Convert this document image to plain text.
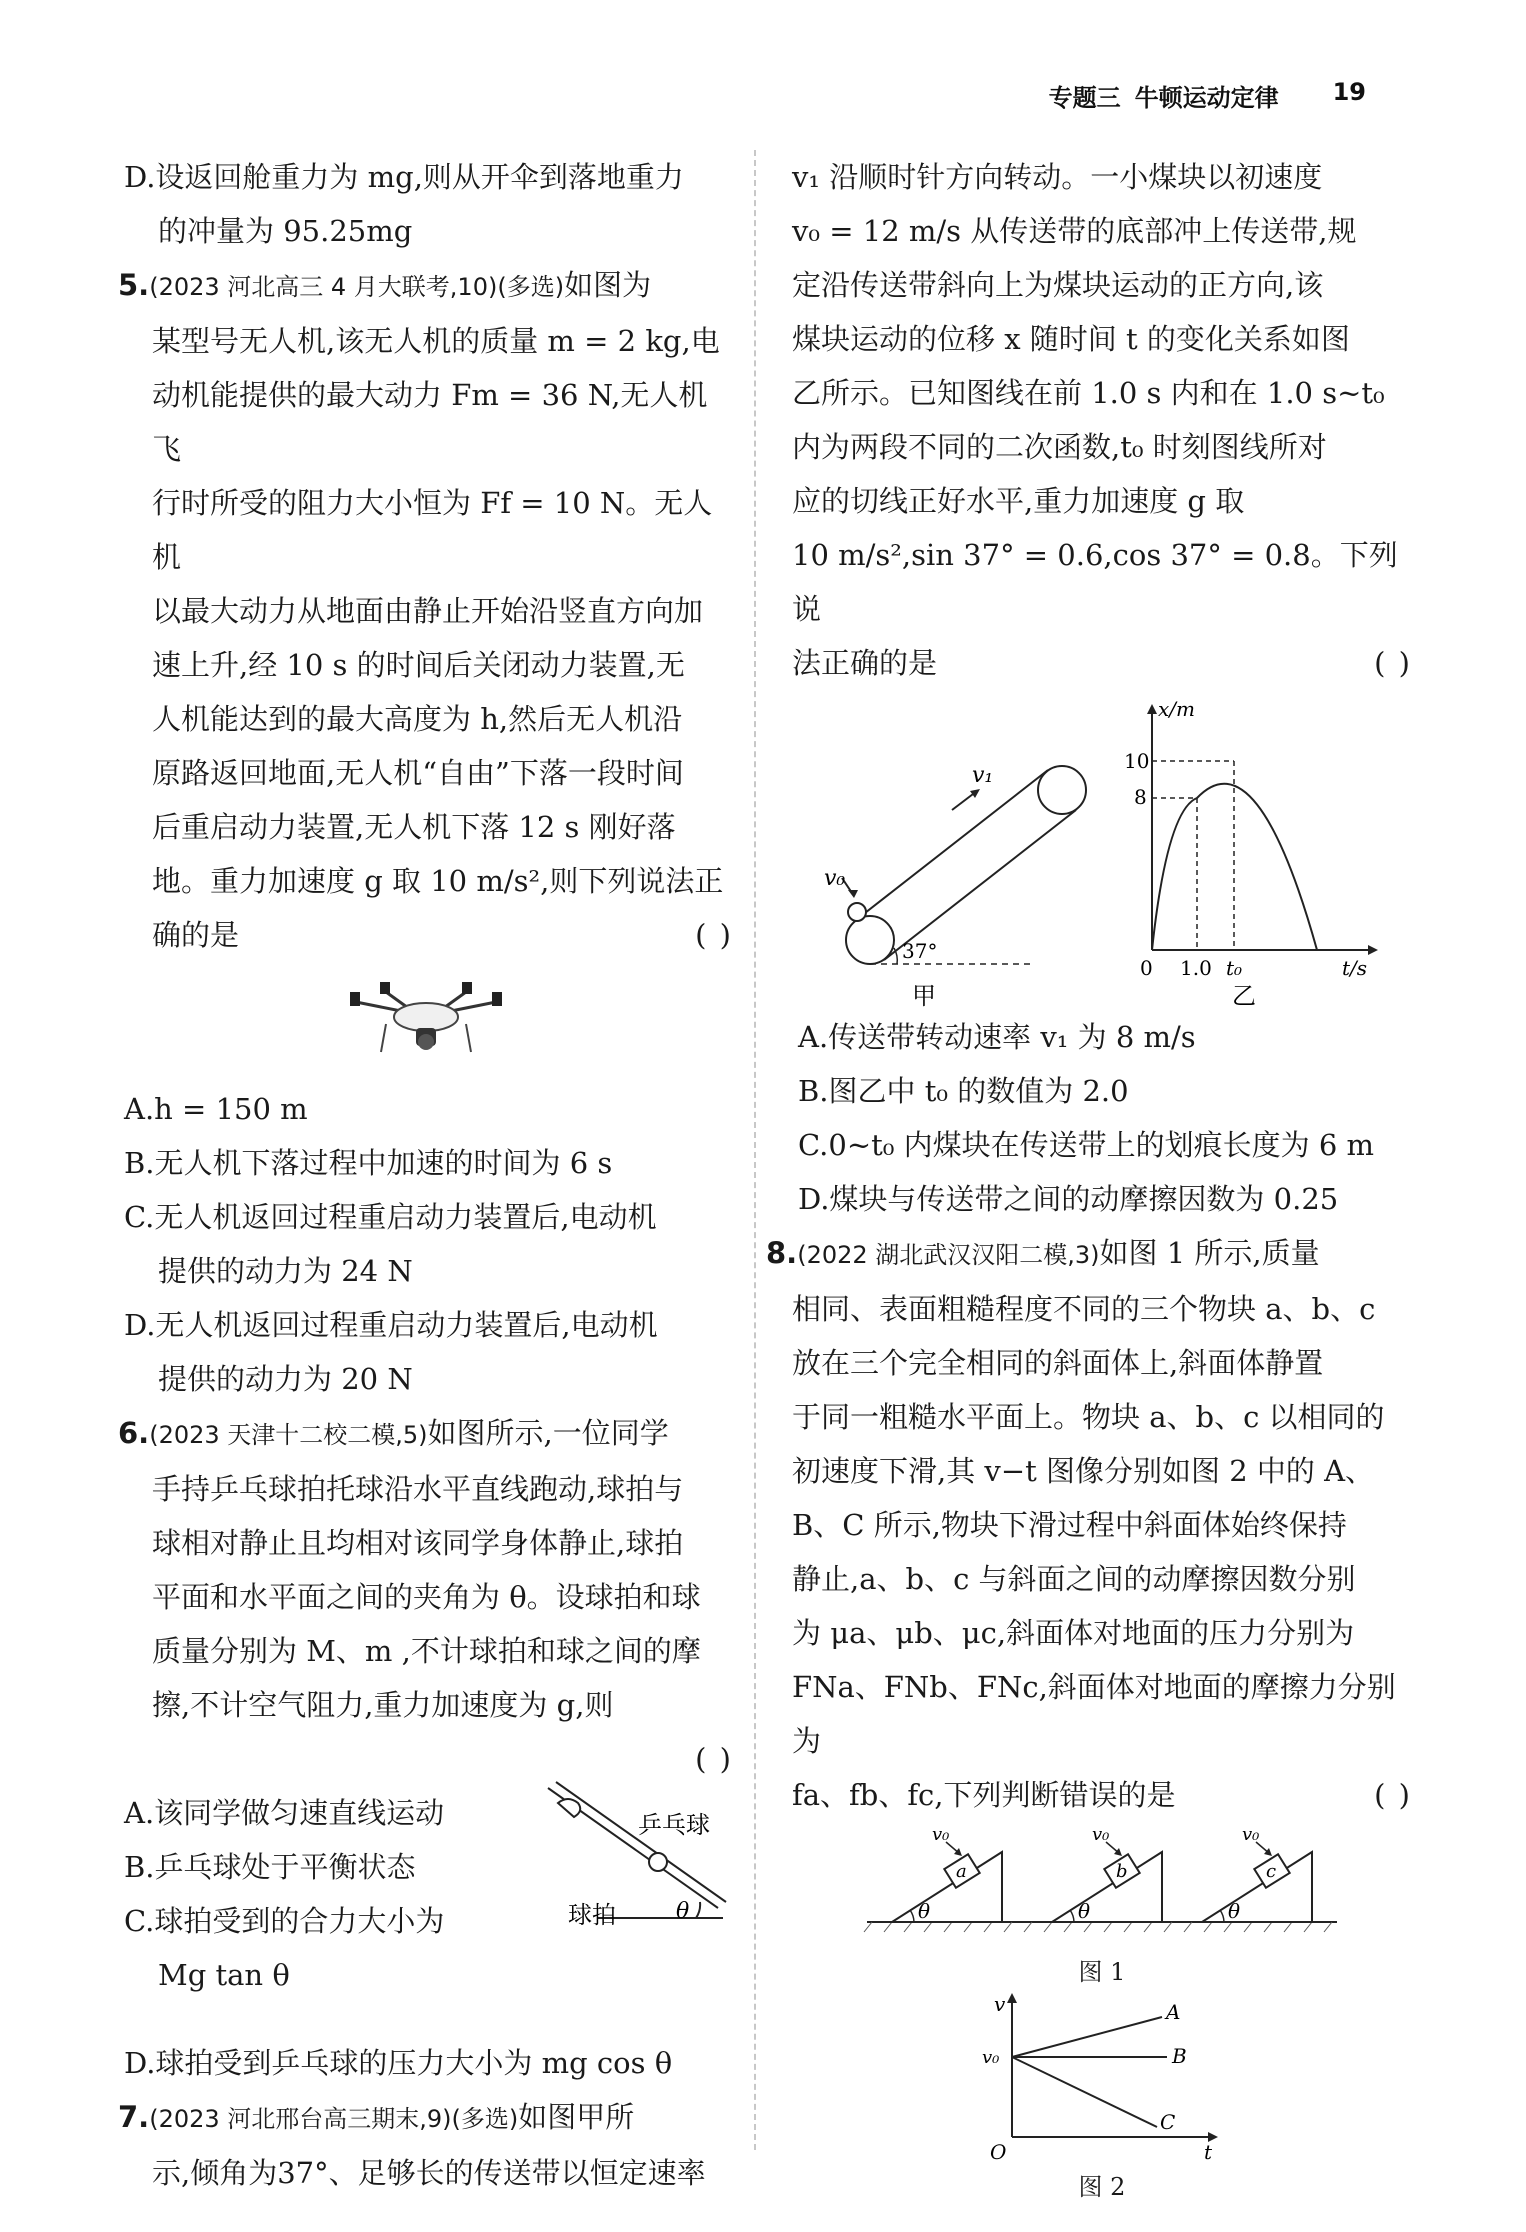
专题三 牛顿运动定律 19

D.设返回舱重力为 mg,则从开伞到落地重力
的冲量为 95.25mg

5.(2023 河北高三 4 月大联考,10)(多选)如图为

某型号无人机,该无人机的质量 m = 2 kg,电

动机能提供的最大动力 Fm = 36 N,无人机飞

行时所受的阻力大小恒为 Ff = 10 N。无人机

以最大动力从地面由静止开始沿竖直方向加

速上升,经 10 s 的时间后关闭动力装置,无

人机能达到的最大高度为 h,然后无人机沿

原路返回地面,无人机“自由”下落一段时间

后重启动力装置,无人机下落 12 s 刚好落

地。重力加速度 g 取 10 m/s²,则下列说法正

确的是	( )

A.h = 150 m

B.无人机下落过程中加速的时间为 6 s

C.无人机返回过程重启动力装置后,电动机
提供的动力为 24 N

D.无人机返回过程重启动力装置后,电动机
提供的动力为 20 N

6.(2023 天津十二校二模,5)如图所示,一位同学

手持乒乓球拍托球沿水平直线跑动,球拍与

球相对静止且均相对该同学身体静止,球拍

平面和水平面之间的夹角为 θ。设球拍和球

质量分别为 M、m ,不计球拍和球之间的摩

擦,不计空气阻力,重力加速度为 g,则

( )

A.该同学做匀速直线运动

B.乒乓球处于平衡状态

C.球拍受到的合力大小为

Mg tan θ

乒乓球
球拍	θ

D.球拍受到乒乓球的压力大小为 mg cos θ

7.(2023 河北邢台高三期末,9)(多选)如图甲所

示,倾角为37°、足够长的传送带以恒定速率

v₁ 沿顺时针方向转动。一小煤块以初速度

v₀ = 12 m/s 从传送带的底部冲上传送带,规

定沿传送带斜向上为煤块运动的正方向,该

煤块运动的位移 x 随时间 t 的变化关系如图

乙所示。已知图线在前 1.0 s 内和在 1.0 s~t₀

内为两段不同的二次函数,t₀ 时刻图线所对

应的切线正好水平,重力加速度 g 取

10 m/s²,sin 37° = 0.6,cos 37° = 0.8。下列说

法正确的是	( )

v₀
v₁
37°
甲
x/m
10
8
0 1.0 t₀	t/s
乙

A.传送带转动速率 v₁ 为 8 m/s

B.图乙中 t₀ 的数值为 2.0

C.0~t₀ 内煤块在传送带上的划痕长度为 6 m

D.煤块与传送带之间的动摩擦因数为 0.25

8.(2022 湖北武汉汉阳二模,3)如图 1 所示,质量

相同、表面粗糙程度不同的三个物块 a、b、c

放在三个完全相同的斜面体上,斜面体静置

于同一粗糙水平面上。物块 a、b、c 以相同的

初速度下滑,其 v−t 图像分别如图 2 中的 A、

B、C 所示,物块下滑过程中斜面体始终保持

静止,a、b、c 与斜面之间的动摩擦因数分别

为 μa、μb、μc,斜面体对地面的压力分别为

FNa、FNb、FNc,斜面体对地面的摩擦力分别为

fa、fb、fc,下列判断错误的是	( )

θ
a
v₀
θ
b
v₀
θ
c
v₀

图 1

v
v₀
O	t
A
B
C

图 2
